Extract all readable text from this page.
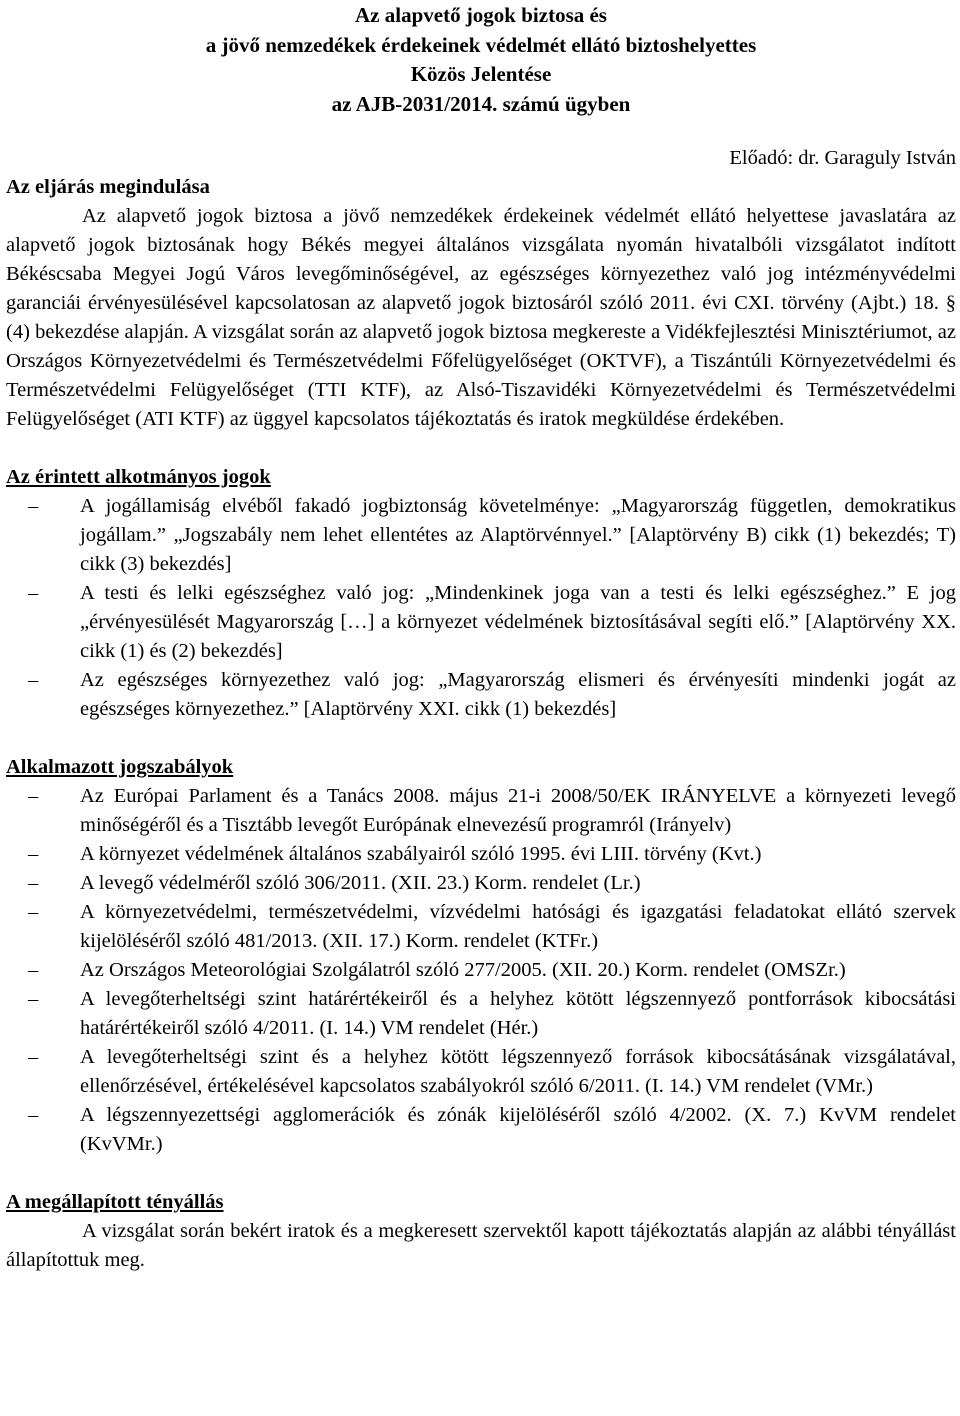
Az alapvető jogok biztosa és
a jövő nemzedékek érdekeinek védelmét ellátó biztoshelyettes
Közös Jelentése
az AJB-2031/2014. számú ügyben
Előadó: dr. Garaguly István
Az eljárás megindulása

Az alapvető jogok biztosa a jövő nemzedékek érdekeinek védelmét ellátó helyettese javaslatára az alapvető jogok biztosának hogy Békés megyei általános vizsgálata nyomán hivatalbóli vizsgálatot indított Békéscsaba Megyei Jogú Város levegőminőségével, az egészséges környezethez való jog intézményvédelmi garanciái érvényesülésével kapcsolatosan az alapvető jogok biztosáról szóló 2011. évi CXI. törvény (Ajbt.) 18. § (4) bekezdése alapján. A vizsgálat során az alapvető jogok biztosa megkereste a Vidékfejlesztési Minisztériumot, az Országos Környezetvédelmi és Természetvédelmi Főfelügyelőséget (OKTVF), a Tiszántúli Környezetvédelmi és Természetvédelmi Felügyelőséget (TTI KTF), az Alsó-Tiszavidéki Környezetvédelmi és Természetvédelmi Felügyelőséget (ATI KTF) az üggyel kapcsolatos tájékoztatás és iratok megküldése érdekében.

Az érintett alkotmányos jogok
– A jogállamiság elvéből fakadó jogbiztonság követelménye: „Magyarország független, demokratikus jogállam.” „Jogszabály nem lehet ellentétes az Alaptörvénnyel.” [Alaptörvény B) cikk (1) bekezdés; T) cikk (3) bekezdés]
– A testi és lelki egészséghez való jog: „Mindenkinek joga van a testi és lelki egészséghez.” E jog „érvényesülését Magyarország […] a környezet védelmének biztosításával segíti elő.” [Alaptörvény XX. cikk (1) és (2) bekezdés]
– Az egészséges környezethez való jog: „Magyarország elismeri és érvényesíti mindenki jogát az egészséges környezethez.” [Alaptörvény XXI. cikk (1) bekezdés]
Alkalmazott jogszabályok
– Az Európai Parlament és a Tanács 2008. május 21-i 2008/50/EK IRÁNYELVE a környezeti levegő minőségéről és a Tisztább levegőt Európának elnevezésű programról (Irányelv)
– A környezet védelmének általános szabályairól szóló 1995. évi LIII. törvény (Kvt.)
– A levegő védelméről szóló 306/2011. (XII. 23.) Korm. rendelet (Lr.)
– A környezetvédelmi, természetvédelmi, vízvédelmi hatósági és igazgatási feladatokat ellátó szervek kijelöléséről szóló 481/2013. (XII. 17.) Korm. rendelet (KTFr.)
– Az Országos Meteorológiai Szolgálatról szóló 277/2005. (XII. 20.) Korm. rendelet (OMSZr.)
– A levegőterheltségi szint határértékeiről és a helyhez kötött légszennyező pontforrások kibocsátási határértékeiről szóló 4/2011. (I. 14.) VM rendelet (Hér.)
– A levegőterheltségi szint és a helyhez kötött légszennyező források kibocsátásának vizsgálatával, ellenőrzésével, értékelésével kapcsolatos szabályokról szóló 6/2011. (I. 14.) VM rendelet (VMr.)
– A légszennyezettségi agglomerációk és zónák kijelöléséről szóló 4/2002. (X. 7.) KvVM rendelet (KvVMr.)
A megállapított tényállás

A vizsgálat során bekért iratok és a megkeresett szervektől kapott tájékoztatás alapján az alábbi tényállást állapítottuk meg.
